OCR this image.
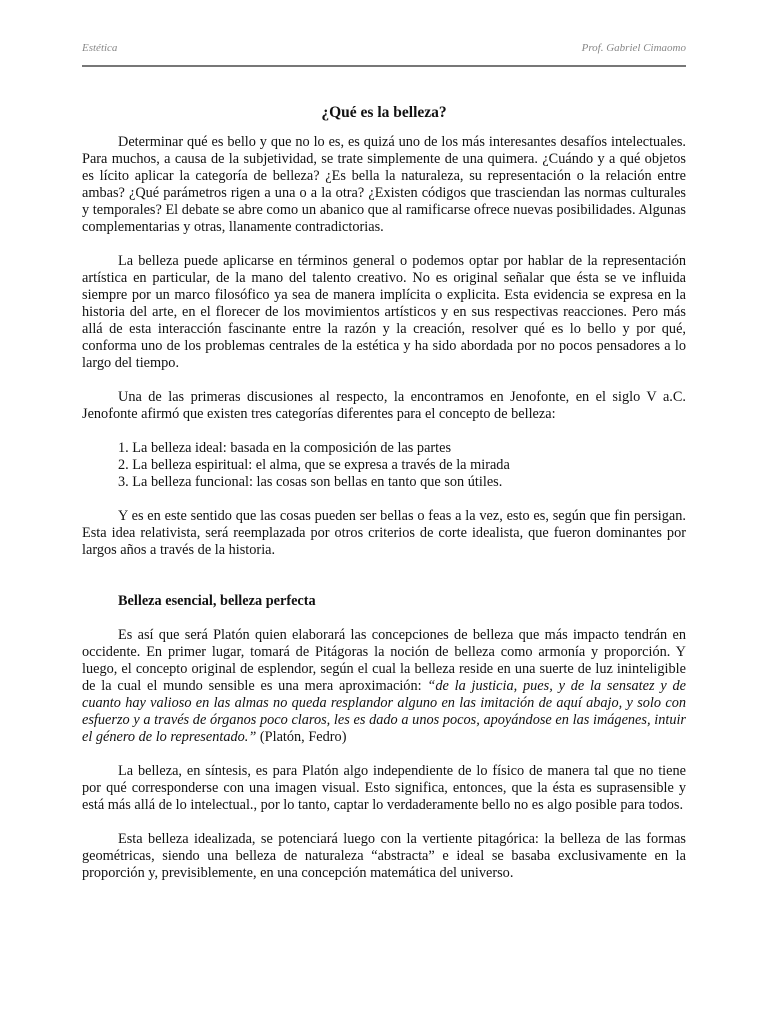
Estética	Prof. Gabriel Cimaomo
¿Qué es la belleza?

Determinar qué es bello y que no lo es, es quizá uno de los más interesantes desafíos intelectuales. Para muchos, a causa de la subjetividad, se trate simplemente de una quimera. ¿Cuándo y a qué objetos es lícito aplicar la categoría de belleza? ¿Es bella la naturaleza, su representación o la relación entre ambas? ¿Qué parámetros rigen a una o a la otra? ¿Existen códigos que trasciendan las normas culturales y temporales? El debate se abre como un abanico que al ramificarse ofrece nuevas posibilidades. Algunas complementarias y otras, llanamente contradictorias.

La belleza puede aplicarse en términos general o podemos optar por hablar de la representación artística en particular, de la mano del talento creativo. No es original señalar que ésta se ve influida siempre por un marco filosófico ya sea de manera implícita o explicita. Esta evidencia se expresa en la historia del arte, en el florecer de los movimientos artísticos y en sus respectivas reacciones. Pero más allá de esta interacción fascinante entre la razón y la creación, resolver qué es lo bello y por qué, conforma uno de los problemas centrales de la estética y ha sido abordada por no pocos pensadores a lo largo del tiempo.

Una de las primeras discusiones al respecto, la encontramos en Jenofonte, en el siglo V a.C. Jenofonte afirmó que existen tres categorías diferentes para el concepto de belleza:

1. La belleza ideal: basada en la composición de las partes
2. La belleza espiritual: el alma, que se expresa a través de la mirada
3. La belleza funcional: las cosas son bellas en tanto que son útiles.

Y es en este sentido que las cosas pueden ser bellas o feas a la vez, esto es, según que fin persigan. Esta idea relativista, será reemplazada por otros criterios de corte idealista, que fueron dominantes por largos años a través de la historia.

Belleza esencial, belleza perfecta

Es así que será Platón quien elaborará las concepciones de belleza que más impacto tendrán en occidente. En primer lugar, tomará de Pitágoras la noción de belleza como armonía y proporción. Y luego, el concepto original de esplendor, según el cual la belleza reside en una suerte de luz ininteligible de la cual el mundo sensible es una mera aproximación: “de la justicia, pues, y de la sensatez y de cuanto hay valioso en las almas no queda resplandor alguno en las imitación de aquí abajo, y solo con esfuerzo y a través de órganos poco claros, les es dado a unos pocos, apoyándose en las imágenes, intuir el género de lo representado.” (Platón, Fedro)

La belleza, en síntesis, es para Platón algo independiente de lo físico de manera tal que no tiene por qué corresponderse con una imagen visual. Esto significa, entonces, que la ésta es suprasensible y está más allá de lo intelectual., por lo tanto, captar lo verdaderamente bello no es algo posible para todos.

Esta belleza idealizada, se potenciará luego con la vertiente pitagórica: la belleza de las formas geométricas, siendo una belleza de naturaleza “abstracta” e ideal se basaba exclusivamente en la proporción y, previsiblemente, en una concepción matemática del universo.
